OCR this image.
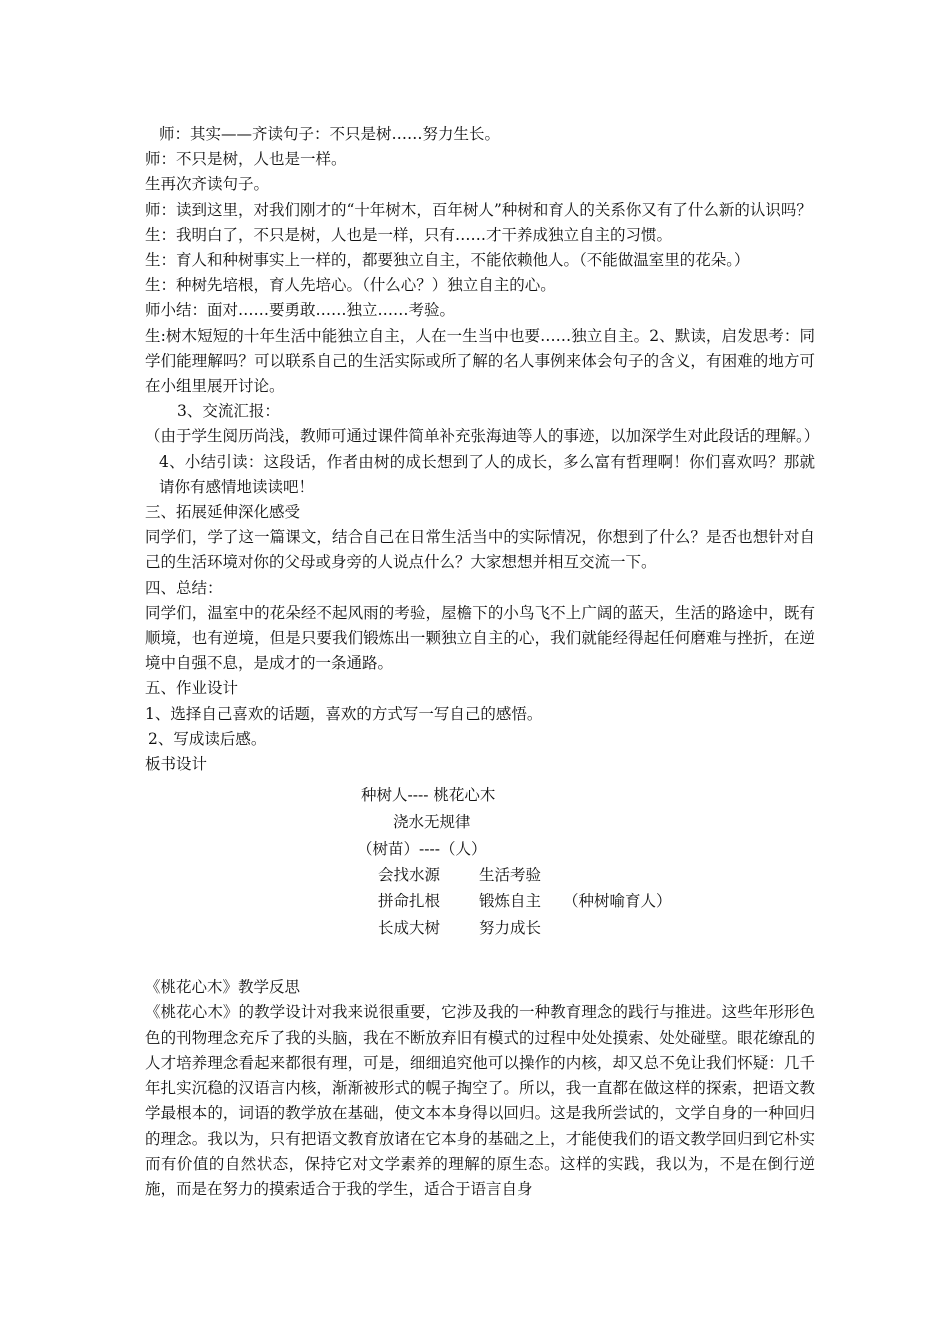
师：其实——齐读句子：不只是树……努力生长。

师：不只是树，人也是一样。

生再次齐读句子。

师：读到这里，对我们刚才的“十年树木，百年树人”种树和育人的关系你又有了什么新的认识吗？

生：我明白了，不只是树，人也是一样，只有……才干养成独立自主的习惯。

生：育人和种树事实上一样的，都要独立自主，不能依赖他人。（不能做温室里的花朵。）

生：种树先培根，育人先培心。（什么心？）独立自主的心。

师小结：面对……要勇敢……独立……考验。

生:树木短短的十年生活中能独立自主，人在一生当中也要……独立自主。2、默读，启发思考：同学们能理解吗？可以联系自己的生活实际或所了解的名人事例来体会句子的含义，有困难的地方可在小组里展开讨论。

3、交流汇报：

（由于学生阅历尚浅，教师可通过课件简单补充张海迪等人的事迹，以加深学生对此段话的理解。）

4、小结引读：这段话，作者由树的成长想到了人的成长，多么富有哲理啊！你们喜欢吗？那就请你有感情地读读吧！

三、拓展延伸深化感受

同学们，学了这一篇课文，结合自己在日常生活当中的实际情况，你想到了什么？是否也想针对自己的生活环境对你的父母或身旁的人说点什么？大家想想并相互交流一下。

四、总结：

同学们，温室中的花朵经不起风雨的考验，屋檐下的小鸟飞不上广阔的蓝天，生活的路途中，既有顺境，也有逆境，但是只要我们锻炼出一颗独立自主的心，我们就能经得起任何磨难与挫折，在逆境中自强不息，是成才的一条通路。

五、作业设计

1、选择自己喜欢的话题，喜欢的方式写一写自己的感悟。

2、写成读后感。

板书设计

种树人---- 桃花心木
浇水无规律
（树苗）----（人）
会找水源	生活考验
拼命扎根	锻炼自主 （种树喻育人）
长成大树	努力成长

《桃花心木》教学反思

《桃花心木》的教学设计对我来说很重要，它涉及我的一种教育理念的践行与推进。这些年形形色色的刊物理念充斥了我的头脑，我在不断放弃旧有模式的过程中处处摸索、处处碰壁。眼花缭乱的人才培养理念看起来都很有理，可是，细细追究他可以操作的内核，却又总不免让我们怀疑：几千年扎实沉稳的汉语言内核，渐渐被形式的幌子掏空了。所以，我一直都在做这样的探索，把语文教学最根本的，词语的教学放在基础，使文本本身得以回归。这是我所尝试的，文学自身的一种回归的理念。我以为，只有把语文教育放诸在它本身的基础之上，才能使我们的语文教学回归到它朴实而有价值的自然状态，保持它对文学素养的理解的原生态。这样的实践，我以为，不是在倒行逆施，而是在努力的摸索适合于我的学生，适合于语言自身
